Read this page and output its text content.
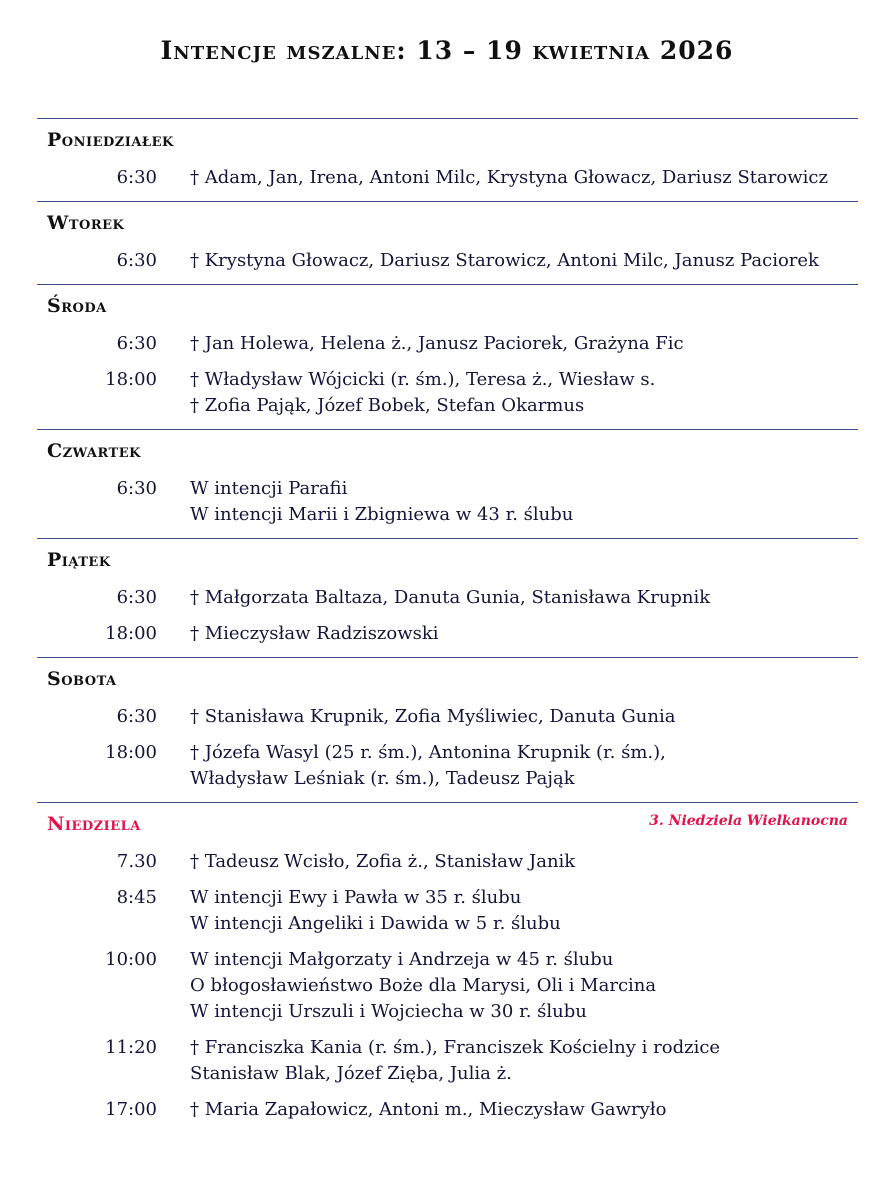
Intencje mszalne: 13 – 19 kwietnia 2026
Poniedziałek
6:30 † Adam, Jan, Irena, Antoni Milc, Krystyna Głowacz, Dariusz Starowicz
Wtorek
6:30 † Krystyna Głowacz, Dariusz Starowicz, Antoni Milc, Janusz Paciorek
Środa
6:30 † Jan Holewa, Helena ż., Janusz Paciorek, Grażyna Fic
18:00 † Władysław Wójcicki (r. śm.), Teresa ż., Wiesław s.
† Zofia Pająk, Józef Bobek, Stefan Okarmus
Czwartek
6:30 W intencji Parafii
W intencji Marii i Zbigniewa w 43 r. ślubu
Piątek
6:30 † Małgorzata Baltaza, Danuta Gunia, Stanisława Krupnik
18:00 † Mieczysław Radziszowski
Sobota
6:30 † Stanisława Krupnik, Zofia Myśliwiec, Danuta Gunia
18:00 † Józefa Wasyl (25 r. śm.), Antonina Krupnik (r. śm.),
Władysław Leśniak (r. śm.), Tadeusz Pająk
Niedziela	3. Niedziela Wielkanocna
7.30 † Tadeusz Wcisło, Zofia ż., Stanisław Janik
8:45 W intencji Ewy i Pawła w 35 r. ślubu
W intencji Angeliki i Dawida w 5 r. ślubu
10:00 W intencji Małgorzaty i Andrzeja w 45 r. ślubu
O błogosławieństwo Boże dla Marysi, Oli i Marcina
W intencji Urszuli i Wojciecha w 30 r. ślubu
11:20 † Franciszka Kania (r. śm.), Franciszek Kościelny i rodzice
Stanisław Blak, Józef Zięba, Julia ż.
17:00 † Maria Zapałowicz, Antoni m., Mieczysław Gawryło
